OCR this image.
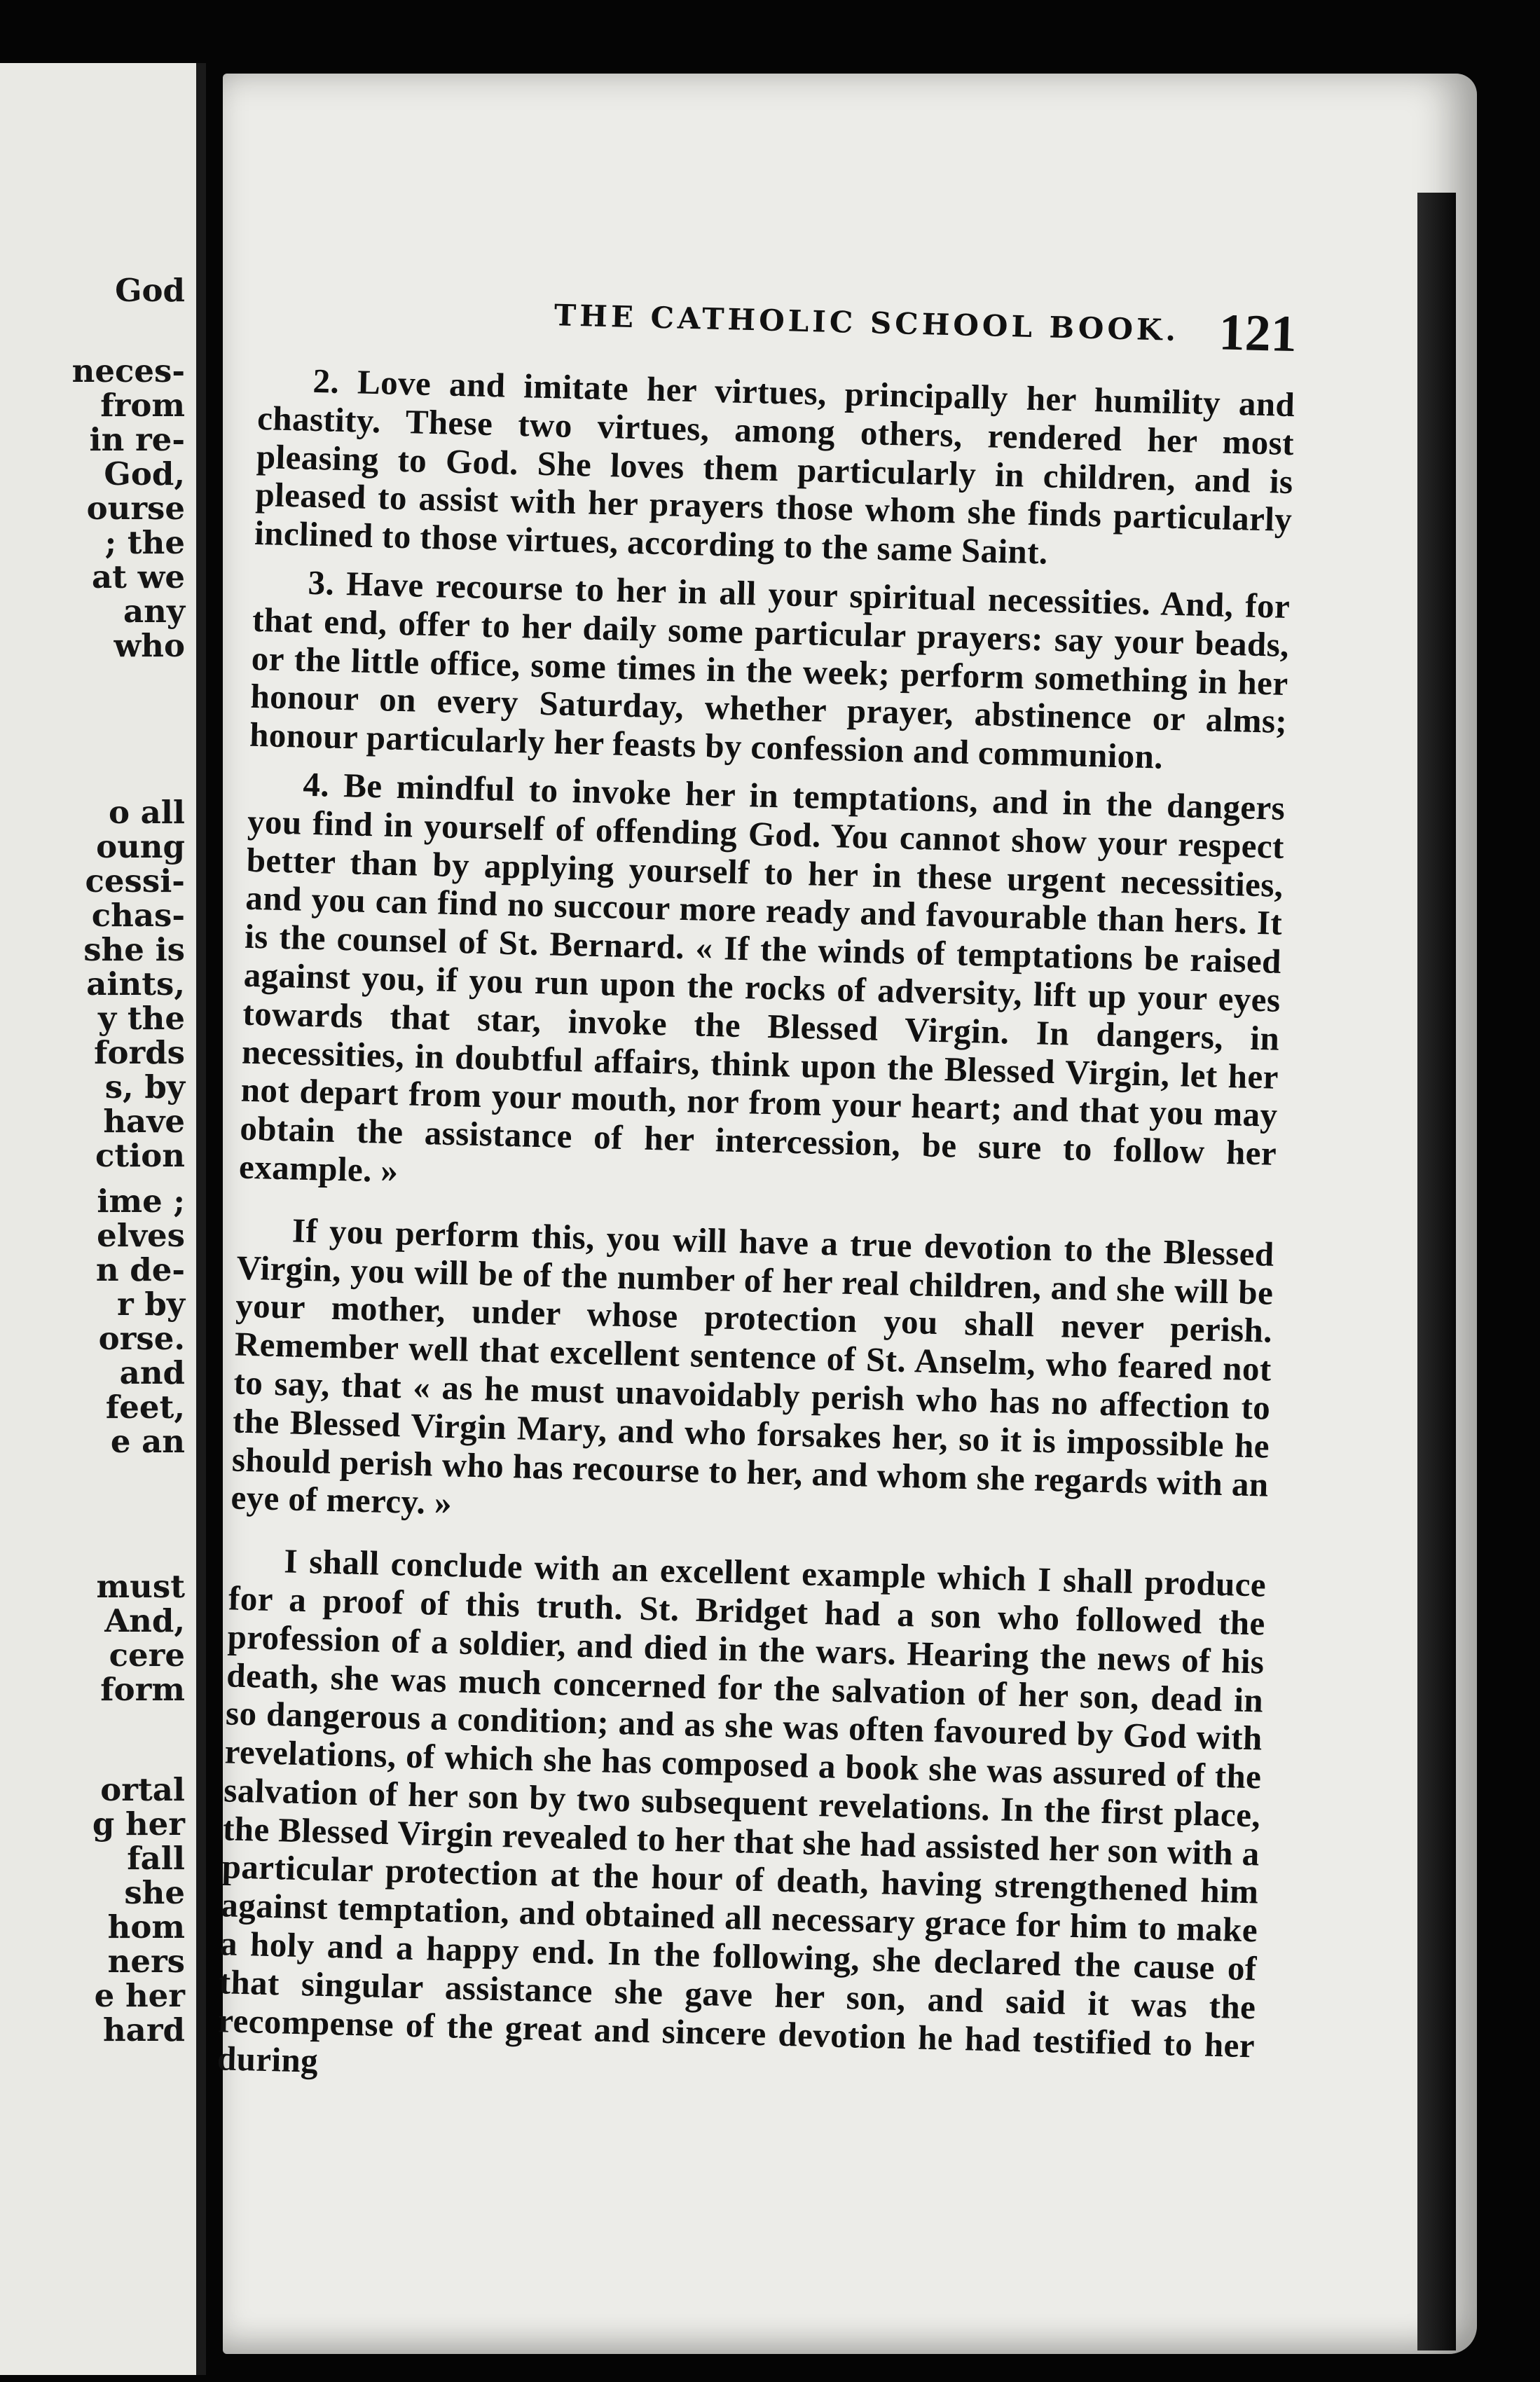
God
neces-
from
in re-
God,
ourse
; the
at we
any
who
o all
oung
cessi-
chas-
she is
aints,
y the
fords
s, by
have
ction
ime ;
elves
n de-
r by
orse.
and
feet,
e an
must
And,
cere
form
ortal
g her
fall
she
hom
ners
e her
hard
THE CATHOLIC SCHOOL BOOK. 121

2. Love and imitate her virtues, principally her humility and chastity. These two virtues, among others, rendered her most pleasing to God. She loves them particularly in children, and is pleased to assist with her prayers those whom she finds particularly inclined to those virtues, according to the same Saint.

3. Have recourse to her in all your spiritual necessities. And, for that end, offer to her daily some particular prayers: say your beads, or the little office, some times in the week; perform something in her honour on every Saturday, whether prayer, abstinence or alms; honour particularly her feasts by confession and communion.

4. Be mindful to invoke her in temptations, and in the dangers you find in yourself of offending God. You cannot show your respect better than by applying yourself to her in these urgent necessities, and you can find no succour more ready and favourable than hers. It is the counsel of St. Bernard. « If the winds of temptations be raised against you, if you run upon the rocks of adversity, lift up your eyes towards that star, invoke the Blessed Virgin. In dangers, in necessities, in doubtful affairs, think upon the Blessed Virgin, let her not depart from your mouth, nor from your heart; and that you may obtain the assistance of her intercession, be sure to follow her example. »

If you perform this, you will have a true devotion to the Blessed Virgin, you will be of the number of her real children, and she will be your mother, under whose protection you shall never perish. Remember well that excellent sentence of St. Anselm, who feared not to say, that « as he must unavoidably perish who has no affection to the Blessed Virgin Mary, and who forsakes her, so it is impossible he should perish who has recourse to her, and whom she regards with an eye of mercy. »

I shall conclude with an excellent example which I shall produce for a proof of this truth. St. Bridget had a son who followed the profession of a soldier, and died in the wars. Hearing the news of his death, she was much concerned for the salvation of her son, dead in so dangerous a condition; and as she was often favoured by God with revelations, of which she has composed a book she was assured of the salvation of her son by two subsequent revelations. In the first place, the Blessed Virgin revealed to her that she had assisted her son with a particular protection at the hour of death, having strengthened him against temptation, and obtained all necessary grace for him to make a holy and a happy end. In the following, she declared the cause of that singular assistance she gave her son, and said it was the recompense of the great and sincere devotion he had testified to her during
